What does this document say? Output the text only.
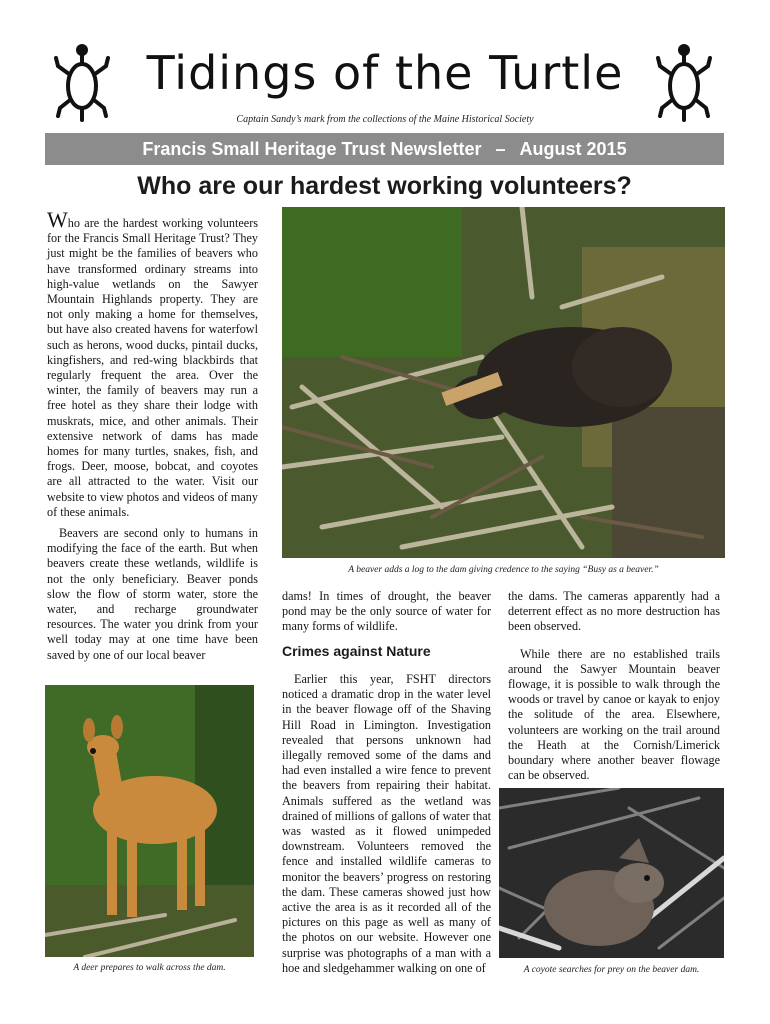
Tidings of the Turtle
Captain Sandy’s mark from the collections of the Maine Historical Society
Francis Small Heritage Trust Newsletter – August 2015
Who are our hardest working volunteers?

Who are the hardest working volunteers for the Francis Small Heritage Trust? They just might be the families of beavers who have transformed ordinary streams into high-value wetlands on the Sawyer Mountain Highlands property. They are not only making a home for themselves, but have also created havens for waterfowl such as herons, wood ducks, pintail ducks, kingfishers, and red-wing blackbirds that regularly frequent the area. Over the winter, the family of beavers may run a free hotel as they share their lodge with muskrats, mice, and other animals. Their extensive network of dams has made homes for many turtles, snakes, fish, and frogs. Deer, moose, bobcat, and coyotes are all attracted to the water. Visit our website to view photos and videos of many of these animals.

Beavers are second only to humans in modifying the face of the earth. But when beavers create these wetlands, wildlife is not the only beneficiary. Beaver ponds slow the flow of storm water, store the water, and recharge groundwater resources. The water you drink from your well today may at one time have been saved by one of our local beaver

A beaver adds a log to the dam giving credence to the saying “Busy as a beaver.”
A deer prepares to walk across the dam.

dams! In times of drought, the beaver pond may be the only source of water for many forms of wildlife.

Crimes against Nature

Earlier this year, FSHT directors noticed a dramatic drop in the water level in the beaver flowage off of the Shaving Hill Road in Limington. Investigation revealed that persons unknown had illegally removed some of the dams and had even installed a wire fence to prevent the beavers from repairing their habitat. Animals suffered as the wetland was drained of millions of gallons of water that was wasted as it flowed unimpeded downstream. Volunteers removed the fence and installed wildlife cameras to monitor the beavers’ progress on restoring the dam. These cameras showed just how active the area is as it recorded all of the pictures on this page as well as many of the photos on our website. However one surprise was photographs of a man with a hoe and sledgehammer walking on one of

the dams. The cameras apparently had a deterrent effect as no more destruction has been observed.

While there are no established trails around the Sawyer Mountain beaver flowage, it is possible to walk through the woods or travel by canoe or kayak to enjoy the solitude of the area. Elsewhere, volunteers are working on the trail around the Heath at the Cornish/Limerick boundary where another beaver flowage can be observed.

A coyote searches for prey on the beaver dam.
